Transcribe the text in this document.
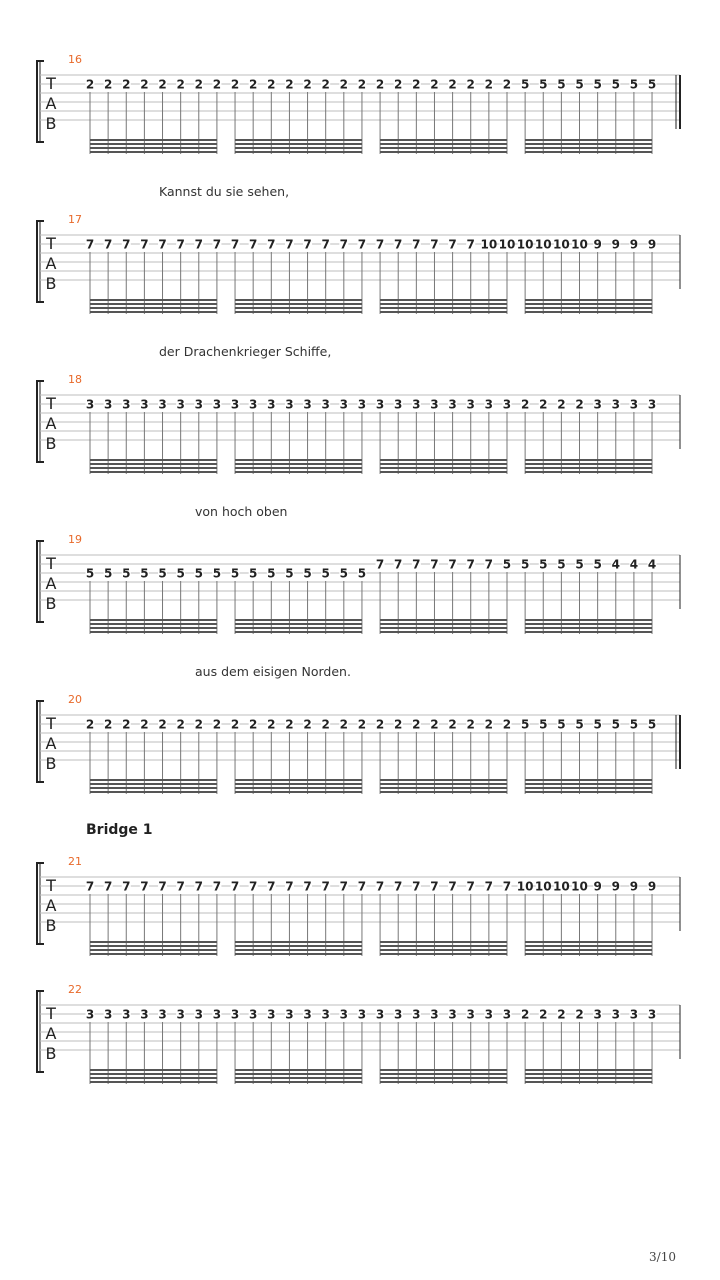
T
A
B
2 2 2 2 2 2 2 2 2 2 2 2 2 2 2 2 2 2 2 2 2 2 2 2 5 5 5 5 5 5 5 5
16
Kannst du sie sehen,
T
A
B
7 7 7 7 7 7 7 7 7 7 7 7 7 7 7 7 7 7 7 7 7 7 10 10 10 10 10 10 9 9 9 9
17
der Drachenkrieger Schiffe,
T
A
B
3 3 3 3 3 3 3 3 3 3 3 3 3 3 3 3 3 3 3 3 3 3 3 3 2 2 2 2 3 3 3 3
18
von hoch oben
T
A
B
5 5 5 5 5 5 5 5 5 5 5 5 5 5 5 5
7 7 7 7 7 7 7 5 5 5 5 5 5 4 4 4
19
aus dem eisigen Norden.
T
A
B
2 2 2 2 2 2 2 2 2 2 2 2 2 2 2 2 2 2 2 2 2 2 2 2 5 5 5 5 5 5 5 5
20
Bridge 1
T
A
B
7 7 7 7 7 7 7 7 7 7 7 7 7 7 7 7 7 7 7 7 7 7 7 7 10 10 10 10 9 9 9 9
21
T
A
B
3 3 3 3 3 3 3 3 3 3 3 3 3 3 3 3 3 3 3 3 3 3 3 3 2 2 2 2 3 3 3 3
22
3/10
